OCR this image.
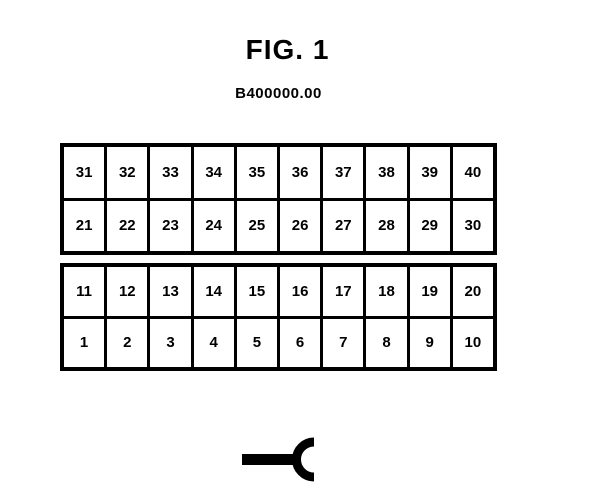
FIG. 1
B400000.00
31	32	33	34	35	36	37	38	39	40
21	22	23	24	25	26	27	28	29	30
11	12	13	14	15	16	17	18	19	20
1	2	3	4	5	6	7	8	9	10
